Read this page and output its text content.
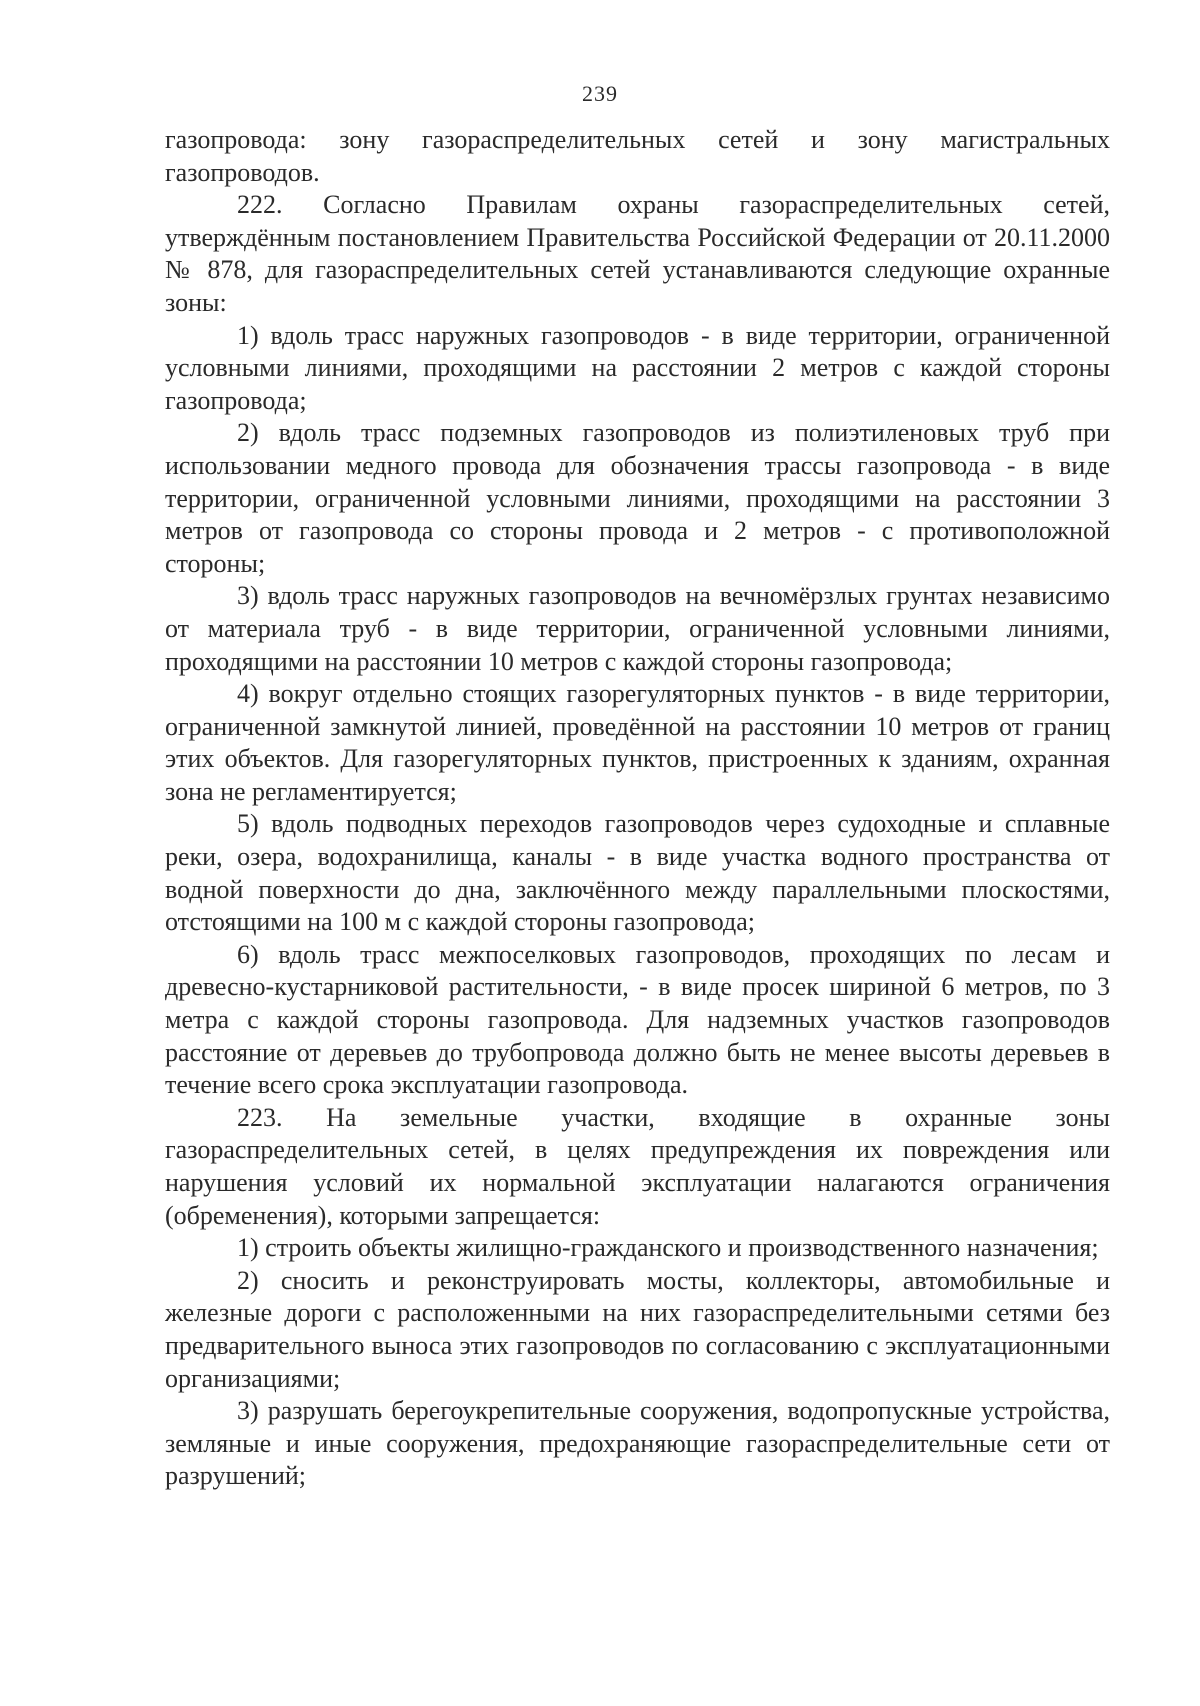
239

газопровода: зону газораспределительных сетей и зону магистральных газопроводов.

222. Согласно Правилам охраны газораспределительных сетей, утверждённым постановлением Правительства Российской Федерации от 20.11.2000 № 878, для газораспределительных сетей устанавливаются следующие охранные зоны:

1) вдоль трасс наружных газопроводов - в виде территории, ограниченной условными линиями, проходящими на расстоянии 2 метров с каждой стороны газопровода;

2) вдоль трасс подземных газопроводов из полиэтиленовых труб при использовании медного провода для обозначения трассы газопровода - в виде территории, ограниченной условными линиями, проходящими на расстоянии 3 метров от газопровода со стороны провода и 2 метров - с противоположной стороны;

3) вдоль трасс наружных газопроводов на вечномёрзлых грунтах независимо от материала труб - в виде территории, ограниченной условными линиями, проходящими на расстоянии 10 метров с каждой стороны газопровода;

4) вокруг отдельно стоящих газорегуляторных пунктов - в виде территории, ограниченной замкнутой линией, проведённой на расстоянии 10 метров от границ этих объектов. Для газорегуляторных пунктов, пристроенных к зданиям, охранная зона не регламентируется;

5) вдоль подводных переходов газопроводов через судоходные и сплавные реки, озера, водохранилища, каналы - в виде участка водного пространства от водной поверхности до дна, заключённого между параллельными плоскостями, отстоящими на 100 м с каждой стороны газопровода;

6) вдоль трасс межпоселковых газопроводов, проходящих по лесам и древесно-кустарниковой растительности, - в виде просек шириной 6 метров, по 3 метра с каждой стороны газопровода. Для надземных участков газопроводов расстояние от деревьев до трубопровода должно быть не менее высоты деревьев в течение всего срока эксплуатации газопровода.

223. На земельные участки, входящие в охранные зоны газораспределительных сетей, в целях предупреждения их повреждения или нарушения условий их нормальной эксплуатации налагаются ограничения (обременения), которыми запрещается:

1) строить объекты жилищно-гражданского и производственного назначения;

2) сносить и реконструировать мосты, коллекторы, автомобильные и железные дороги с расположенными на них газораспределительными сетями без предварительного выноса этих газопроводов по согласованию с эксплуатационными организациями;

3) разрушать берегоукрепительные сооружения, водопропускные устройства, земляные и иные сооружения, предохраняющие газораспределительные сети от разрушений;
